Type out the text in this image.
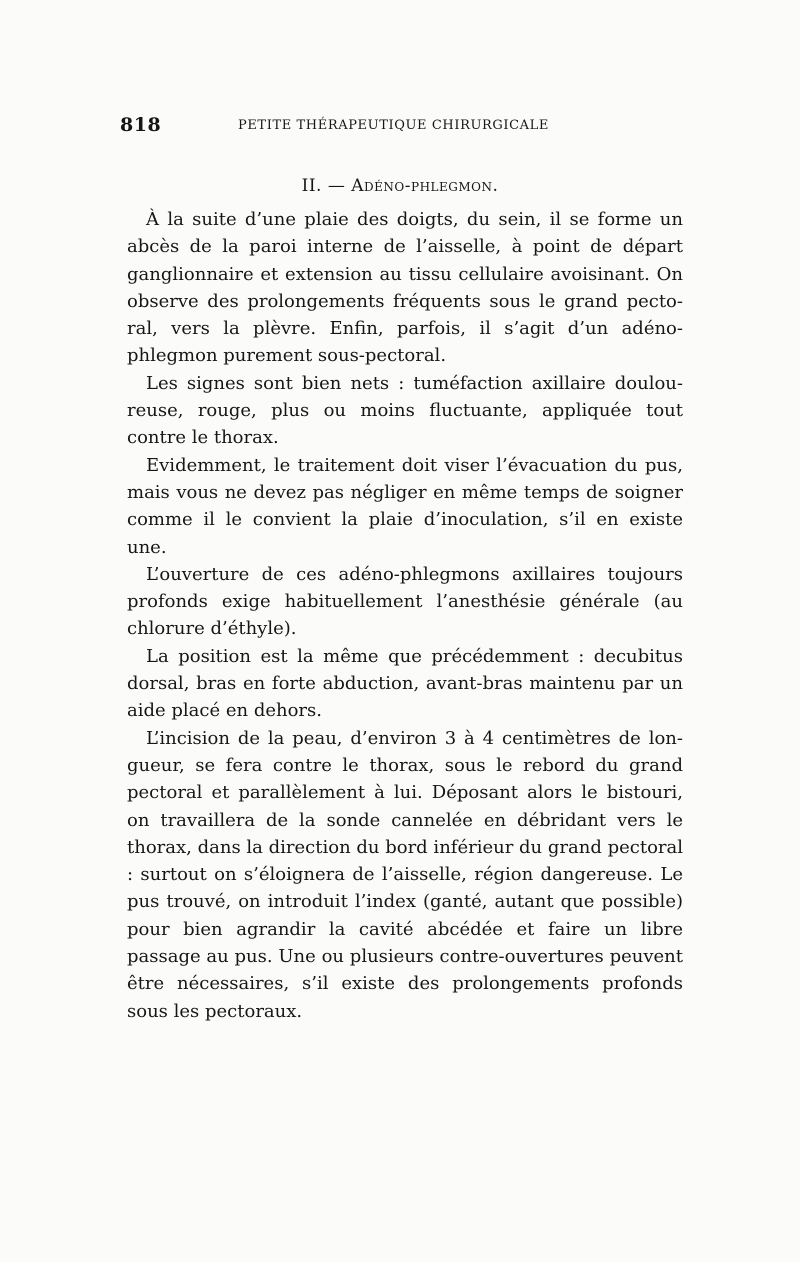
818	PETITE THÉRAPEUTIQUE CHIRURGICALE
II. — Adéno-phlegmon.

À la suite d’une plaie des doigts, du sein, il se forme un abcès de la paroi interne de l’aisselle, à point de départ ganglionnaire et extension au tissu cellulaire avoisinant. On observe des prolongements fréquents sous le grand pectoral, vers la plèvre. Enfin, parfois, il s’agit d’un adénophlegmon purement sous-pectoral.

Les signes sont bien nets : tuméfaction axillaire douloureuse, rouge, plus ou moins fluctuante, appliquée tout contre le thorax.

Evidemment, le traitement doit viser l’évacuation du pus, mais vous ne devez pas négliger en même temps de soigner comme il le convient la plaie d’inoculation, s’il en existe une.

L’ouverture de ces adéno-phlegmons axillaires toujours profonds exige habituellement l’anesthésie générale (au chlorure d’éthyle).

La position est la même que précédemment : decubitus dorsal, bras en forte abduction, avant-bras maintenu par un aide placé en dehors.

L’incision de la peau, d’environ 3 à 4 centimètres de longueur, se fera contre le thorax, sous le rebord du grand pectoral et parallèlement à lui. Déposant alors le bistouri, on travaillera de la sonde cannelée en débridant vers le thorax, dans la direction du bord inférieur du grand pectoral : surtout on s’éloignera de l’aisselle, région dangereuse. Le pus trouvé, on introduit l’index (ganté, autant que possible) pour bien agrandir la cavité abcédée et faire un libre passage au pus. Une ou plusieurs contre-ouvertures peuvent être nécessaires, s’il existe des prolongements profonds sous les pectoraux.
